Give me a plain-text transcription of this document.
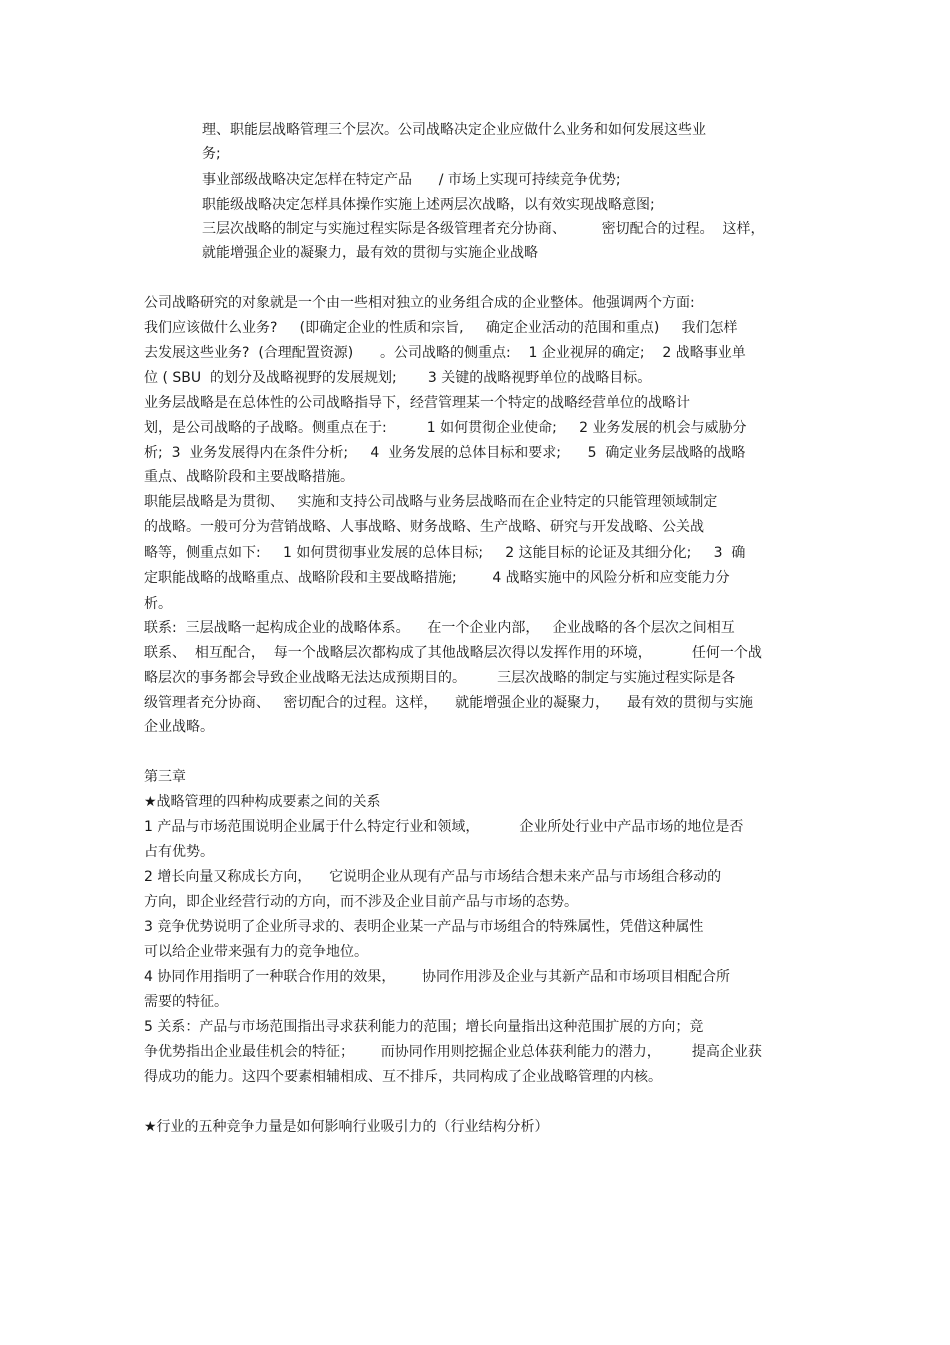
理、职能层战略管理三个层次。公司战略决定企业应做什么业务和如何发展这些业
务;
事业部级战略决定怎样在特定产品      / 市场上实现可持续竞争优势;
职能级战略决定怎样具体操作实施上述两层次战略，以有效实现战略意图;
三层次战略的制定与实施过程实际是各级管理者充分协商、        密切配合的过程。  这样，
就能增强企业的凝聚力，最有效的贯彻与实施企业战略
公司战略研究的对象就是一个由一些相对独立的业务组合成的企业整体。他强调两个方面:
我们应该做什么业务?     (即确定企业的性质和宗旨,     确定企业活动的范围和重点)     我们怎样
去发展这些业务?  (合理配置资源)      。公司战略的侧重点:    1 企业视屏的确定;    2 战略事业单
位 ( SBU  的划分及战略视野的发展规划;       3 关键的战略视野单位的战略目标。
业务层战略是在总体性的公司战略指导下，经营管理某一个特定的战略经营单位的战略计
划，是公司战略的子战略。侧重点在于:         1 如何贯彻企业使命;     2 业务发展的机会与威胁分
析;  3  业务发展得内在条件分析;     4  业务发展的总体目标和要求;      5  确定业务层战略的战略
重点、战略阶段和主要战略措施。
职能层战略是为贯彻、   实施和支持公司战略与业务层战略而在企业特定的只能管理领域制定
的战略。一般可分为营销战略、人事战略、财务战略、生产战略、研究与开发战略、公关战
略等，侧重点如下:     1 如何贯彻事业发展的总体目标;     2 这能目标的论证及其细分化;     3  确
定职能战略的战略重点、战略阶段和主要战略措施;        4 战略实施中的风险分析和应变能力分
析。
联系:  三层战略一起构成企业的战略体系。    在一个企业内部，   企业战略的各个层次之间相互
联系、  相互配合，  每一个战略层次都构成了其他战略层次得以发挥作用的环境，         任何一个战
略层次的事务都会导致企业战略无法达成预期目的。       三层次战略的制定与实施过程实际是各
级管理者充分协商、   密切配合的过程。这样，    就能增强企业的凝聚力，    最有效的贯彻与实施
企业战略。
第三章
★战略管理的四种构成要素之间的关系
1 产品与市场范围说明企业属于什么特定行业和领域，         企业所处行业中产品市场的地位是否
占有优势。
2 增长向量又称成长方向，    它说明企业从现有产品与市场结合想未来产品与市场组合移动的
方向，即企业经营行动的方向，而不涉及企业目前产品与市场的态势。
3 竞争优势说明了企业所寻求的、表明企业某一产品与市场组合的特殊属性，凭借这种属性
可以给企业带来强有力的竞争地位。
4 协同作用指明了一种联合作用的效果，      协同作用涉及企业与其新产品和市场项目相配合所
需要的特征。
5 关系：产品与市场范围指出寻求获利能力的范围；增长向量指出这种范围扩展的方向；竞
争优势指出企业最佳机会的特征；      而协同作用则挖掘企业总体获利能力的潜力，       提高企业获
得成功的能力。这四个要素相辅相成、互不排斥，共同构成了企业战略管理的内核。
★行业的五种竞争力量是如何影响行业吸引力的（行业结构分析）
